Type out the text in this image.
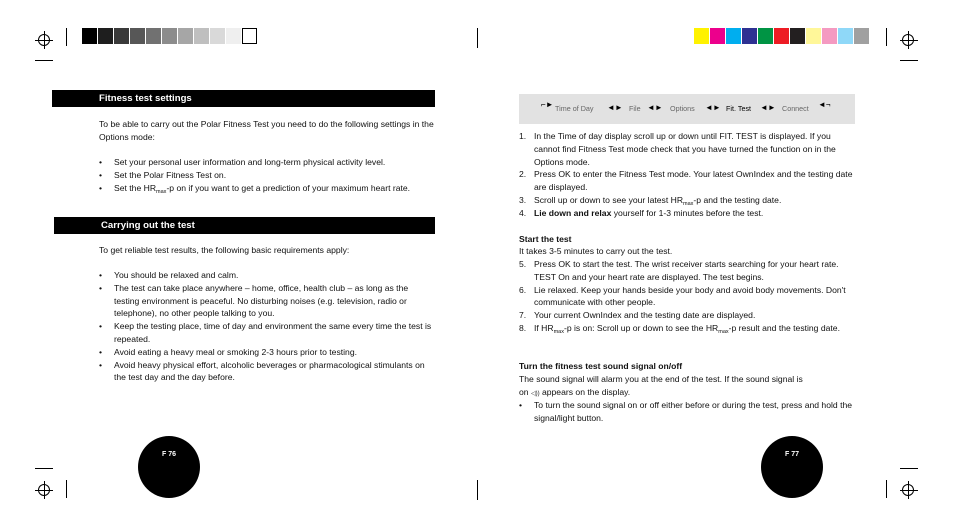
Fitness test settings
To be able to carry out the Polar Fitness Test you need to do the following settings in the Options mode:
• Set your personal user information and long-term physical activity level.
• Set the Polar Fitness Test on.
• Set the $HR_{max}-p$ on if you want to get a prediction of your maximum heart rate.
Carrying out the test
To get reliable test results, the following basic requirements apply:
• You should be relaxed and calm.
• The test can take place anywhere – home, office, health club – as long as the testing environment is peaceful. No disturbing noises (e.g. television, radio or telephone), no other people talking to you.
• Keep the testing place, time of day and environment the same every time the test is repeated.
• Avoid eating a heavy meal or smoking 2-3 hours prior to testing.
• Avoid heavy physical effort, alcoholic beverages or pharmacological stimulants on the test day and the day before.
F 76
⌐► Time of Day ◄► File ◄► Options ◄► Fit. Test ◄► Connect ◄¬
1. In the Time of day display scroll up or down until FIT. TEST is displayed. If you cannot find Fitness Test mode check that you have turned the function on in the Options mode.
2. Press OK to enter the Fitness Test mode. Your latest OwnIndex and the testing date are displayed.
3. Scroll up or down to see your latest $HR_{max}-p$ and the testing date.
4. Lie down and relax yourself for 1-3 minutes before the test.
Start the test
It takes 3-5 minutes to carry out the test.
5. Press OK to start the test. The wrist receiver starts searching for your heart rate. TEST On and your heart rate are displayed. The test begins.
6. Lie relaxed. Keep your hands beside your body and avoid body movements. Don't communicate with other people.
7. Your current OwnIndex and the testing date are displayed.
8. If $HR_{max}-p$ is on: Scroll up or down to see the $HR_{max}-p$ result and the testing date.
Turn the fitness test sound signal on/off
The sound signal will alarm you at the end of the test. If the sound signal is
on ◁)) appears on the display.
• To turn the sound signal on or off either before or during the test, press and hold the signal/light button.
F 77
